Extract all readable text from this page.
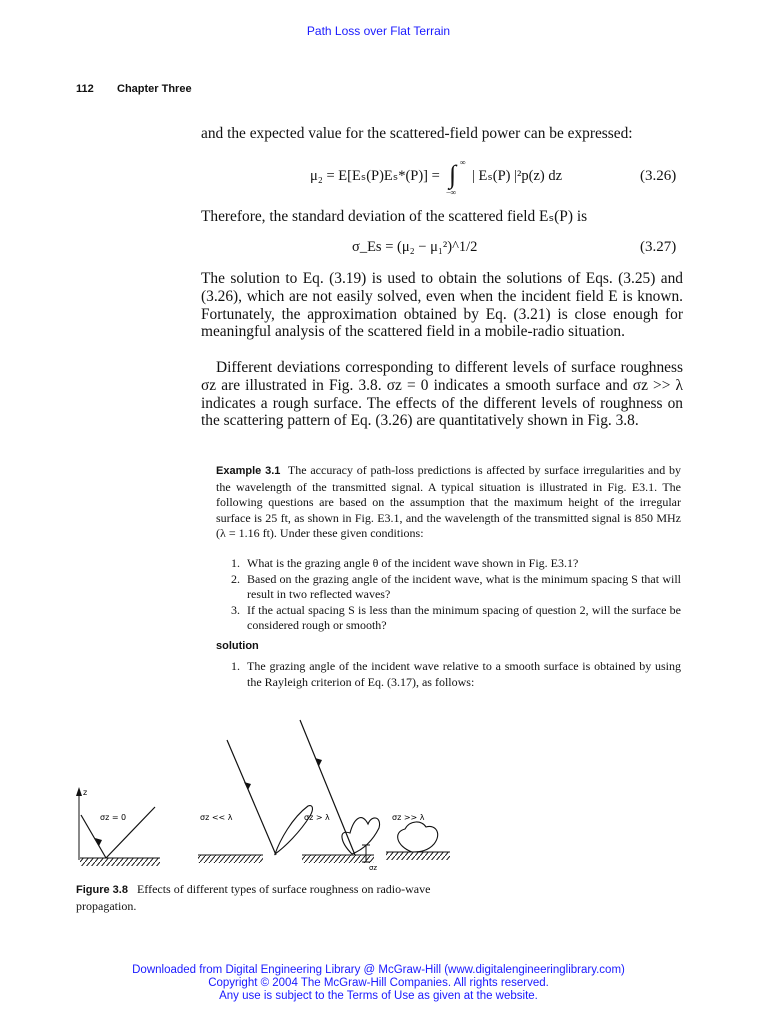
Path Loss over Flat Terrain
112 Chapter Three
and the expected value for the scattered-field power can be expressed:
μ₂ = E[Eₛ(P)Eₛ*(P)] = ∫ ∞
−∞
| Eₛ(P) |²p(z) dz	(3.26)
Therefore, the standard deviation of the scattered field Eₛ(P) is
σ_Es = (μ₂ − μ₁²)^1/2	(3.27)
The solution to Eq. (3.19) is used to obtain the solutions of Eqs. (3.25) and (3.26), which are not easily solved, even when the incident field E is known. Fortunately, the approximation obtained by Eq. (3.21) is close enough for meaningful analysis of the scattered field in a mobile-radio situation.
Different deviations corresponding to different levels of surface roughness σz are illustrated in Fig. 3.8. σz = 0 indicates a smooth surface and σz >> λ indicates a rough surface. The effects of the different levels of roughness on the scattering pattern of Eq. (3.26) are quantitatively shown in Fig. 3.8.
Example 3.1 The accuracy of path-loss predictions is affected by surface irregularities and by the wavelength of the transmitted signal. A typical situation is illustrated in Fig. E3.1. The following questions are based on the assumption that the maximum height of the irregular surface is 25 ft, as shown in Fig. E3.1, and the wavelength of the transmitted signal is 850 MHz (λ = 1.16 ft). Under these given conditions:
1. What is the grazing angle θ of the incident wave shown in Fig. E3.1?
2. Based on the grazing angle of the incident wave, what is the minimum spacing S that will result in two reflected waves?
3. If the actual spacing S is less than the minimum spacing of question 2, will the surface be considered rough or smooth?
solution
1. The grazing angle of the incident wave relative to a smooth surface is obtained by using the Rayleigh criterion of Eq. (3.17), as follows:
z
σz = 0	σz << λ
σz
σz > λ	σz >> λ
Figure 3.8 Effects of different types of surface roughness on radio-wave propagation.
Downloaded from Digital Engineering Library @ McGraw-Hill (www.digitalengineeringlibrary.com)
Copyright © 2004 The McGraw-Hill Companies. All rights reserved.
Any use is subject to the Terms of Use as given at the website.
